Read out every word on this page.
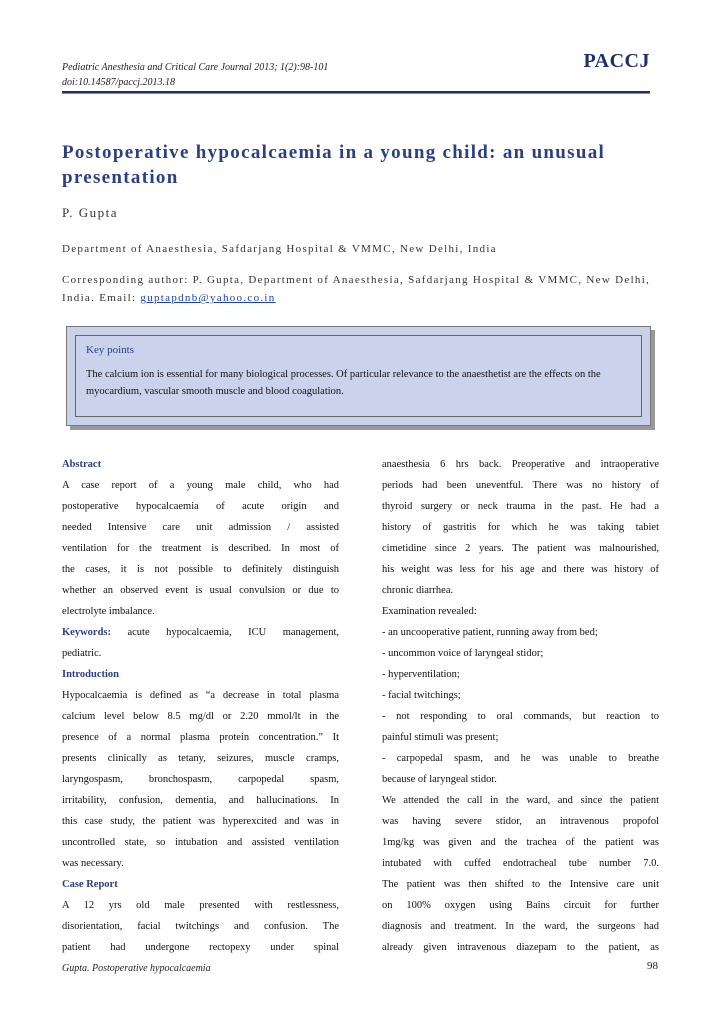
Pediatric Anesthesia and Critical Care Journal 2013; 1(2):98-101
doi:10.14587/paccj.2013.18
PACCJ
Postoperative hypocalcaemia in a young child: an unusual presentation
P. Gupta
Department of Anaesthesia, Safdarjang Hospital & VMMC, New Delhi, India
Corresponding author: P. Gupta, Department of Anaesthesia, Safdarjang Hospital & VMMC, New Delhi, India. Email: guptapdnb@yahoo.co.in
Key points
The calcium ion is essential for many biological processes. Of particular relevance to the anaesthetist are the effects on the myocardium, vascular smooth muscle and blood coagulation.

Abstract

A case report of a young male child, who had

postoperative hypocalcaemia of acute origin and

needed Intensive care unit admission / assisted

ventilation for the treatment is described. In most of

the cases, it is not possible to definitely distinguish

whether an observed event is usual convulsion or due to

electrolyte imbalance.

Keywords: acute hypocalcaemia, ICU management,

pediatric.

Introduction

Hypocalcaemia is defined as “a decrease in total plasma

calcium level below 8.5 mg/dl or 2.20 mmol/lt in the

presence of a normal plasma protein concentration.” It

presents clinically as tetany, seizures, muscle cramps,

laryngospasm, bronchospasm, carpopedal spasm,

irritability, confusion, dementia, and hallucinations. In

this case study, the patient was hyperexcited and was in

uncontrolled state, so intubation and assisted ventilation

was necessary.

Case Report

A 12 yrs old male presented with restlessness,

disorientation, facial twitchings and confusion. The

patient had undergone rectopexy under spinal

anaesthesia 6 hrs back. Preoperative and intraoperative

periods had been uneventful. There was no history of

thyroid surgery or neck trauma in the past. He had a

history of gastritis for which he was taking tabiet

cimetidine since 2 years. The patient was malnourished,

his weight was less for his age and there was history of

chronic diarrhea.

Examination revealed:

- an uncooperative patient, running away from bed;

- uncommon voice of laryngeal stidor;

- hyperventilation;

- facial twitchings;

- not responding to oral commands, but reaction to

painful stimuli was present;

- carpopedal spasm, and he was unable to breathe

because of laryngeal stidor.

We attended the call in the ward, and since the patient

was having severe stidor, an intravenous propofol

1mg/kg was given and the trachea of the patient was

intubated with cuffed endotracheal tube number 7.0.

The patient was then shifted to the Intensive care unit

on 100% oxygen using Bains circuit for further

diagnosis and treatment. In the ward, the surgeons had

already given intravenous diazepam to the patient, as

Gupta. Postoperative hypocalcaemia	98
